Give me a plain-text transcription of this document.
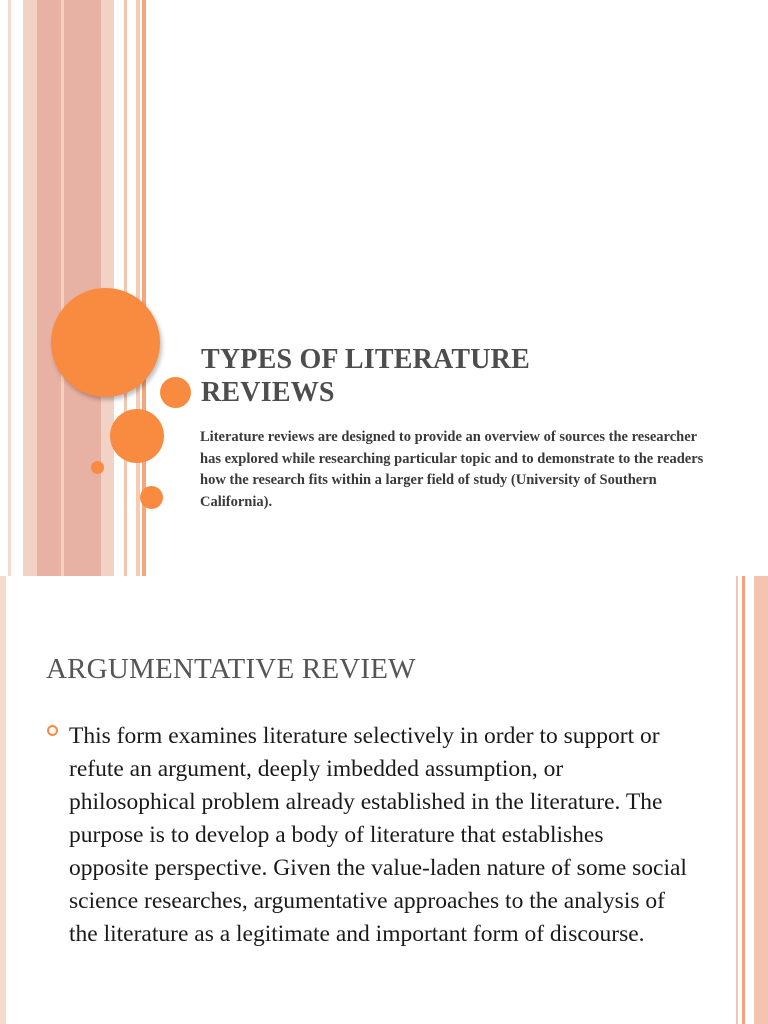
TYPES OF LITERATURE REVIEWS

Literature reviews are designed to provide an overview of sources the researcher has explored while researching particular topic and to demonstrate to the readers how the research fits within a larger field of study (University of Southern California).

ARGUMENTATIVE REVIEW

This form examines literature selectively in order to support or refute an argument, deeply imbedded assumption, or philosophical problem already established in the literature. The purpose is to develop a body of literature that establishes opposite perspective. Given the value-laden nature of some social science researches, argumentative approaches to the analysis of the literature as a legitimate and important form of discourse.
